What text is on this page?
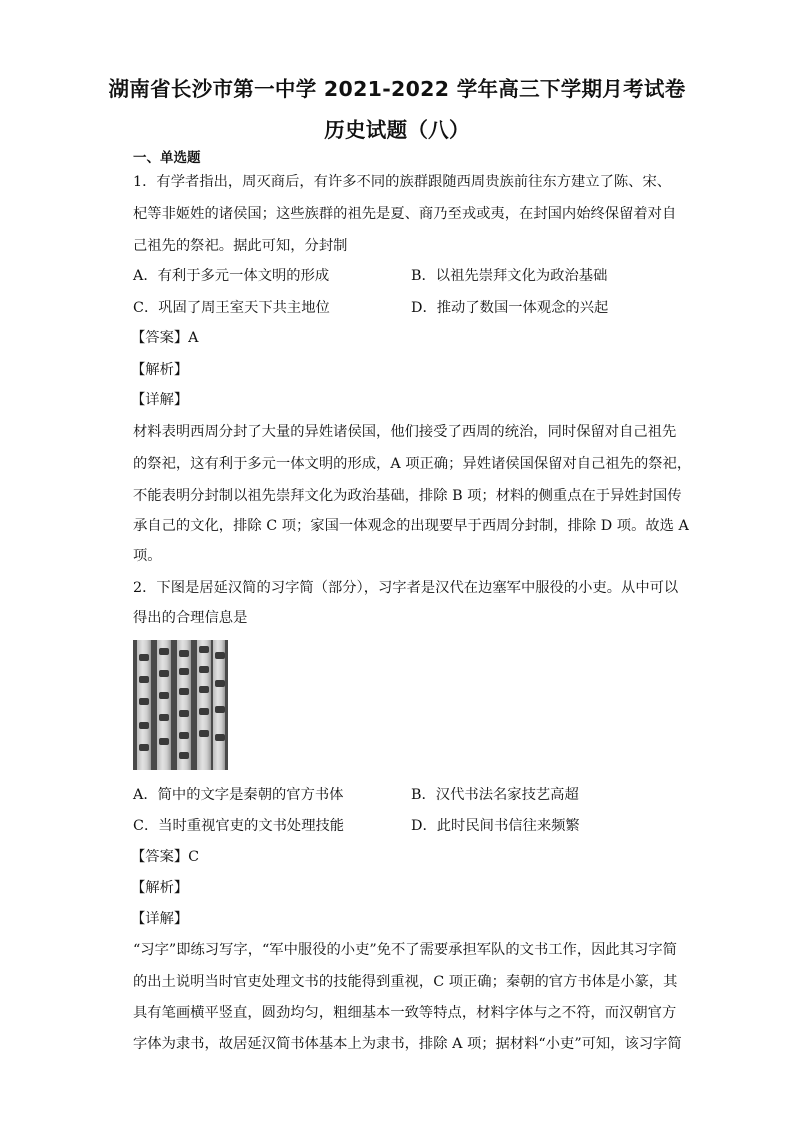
湖南省长沙市第一中学 2021-2022 学年高三下学期月考试卷
历史试题（八）
一、单选题
1．有学者指出，周灭商后，有许多不同的族群跟随西周贵族前往东方建立了陈、宋、
杞等非姬姓的诸侯国；这些族群的祖先是夏、商乃至戎或夷，在封国内始终保留着对自
己祖先的祭祀。据此可知，分封制
A．有利于多元一体文明的形成	B．以祖先崇拜文化为政治基础
C．巩固了周王室天下共主地位	D．推动了数国一体观念的兴起
【答案】A
【解析】
【详解】
材料表明西周分封了大量的异姓诸侯国，他们接受了西周的统治，同时保留对自己祖先
的祭祀，这有利于多元一体文明的形成，A 项正确；异姓诸侯国保留对自己祖先的祭祀，
不能表明分封制以祖先崇拜文化为政治基础，排除 B 项；材料的侧重点在于异姓封国传
承自己的文化，排除 C 项；家国一体观念的出现要早于西周分封制，排除 D 项。故选 A
项。
2．下图是居延汉简的习字简（部分），习字者是汉代在边塞军中服役的小吏。从中可以
得出的合理信息是
A．简中的文字是秦朝的官方书体	B．汉代书法名家技艺高超
C．当时重视官吏的文书处理技能	D．此时民间书信往来频繁
【答案】C
【解析】
【详解】
“习字”即练习写字，“军中服役的小吏”免不了需要承担军队的文书工作，因此其习字简
的出土说明当时官吏处理文书的技能得到重视，C 项正确；秦朝的官方书体是小篆，其
具有笔画横平竖直，圆劲均匀，粗细基本一致等特点，材料字体与之不符，而汉朝官方
字体为隶书，故居延汉简书体基本上为隶书，排除 A 项；据材料“小吏”可知，该习字简
